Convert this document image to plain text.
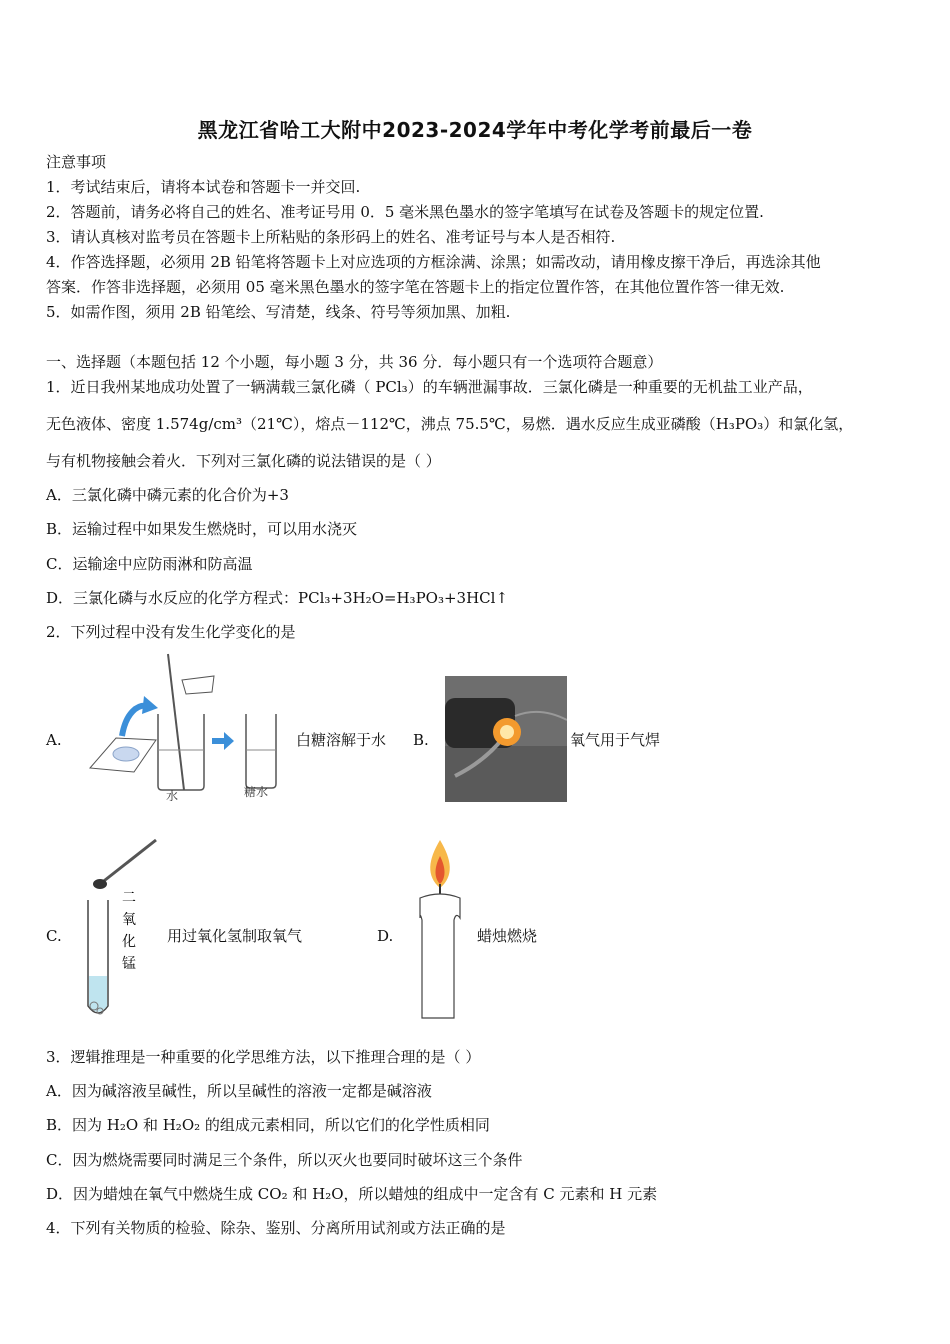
黑龙江省哈工大附中2023-2024学年中考化学考前最后一卷
注意事项
1．考试结束后，请将本试卷和答题卡一并交回.
2．答题前，请务必将自己的姓名、准考证号用 0．5 毫米黑色墨水的签字笔填写在试卷及答题卡的规定位置.
3．请认真核对监考员在答题卡上所粘贴的条形码上的姓名、准考证号与本人是否相符.
4．作答选择题，必须用 2B 铅笔将答题卡上对应选项的方框涂满、涂黑；如需改动，请用橡皮擦干净后，再选涂其他
答案．作答非选择题，必须用 05 毫米黑色墨水的签字笔在答题卡上的指定位置作答，在其他位置作答一律无效.
5．如需作图，须用 2B 铅笔绘、写清楚，线条、符号等须加黑、加粗.
一、选择题（本题包括 12 个小题，每小题 3 分，共 36 分．每小题只有一个选项符合题意）
1．近日我州某地成功处置了一辆满载三氯化磷（ PCl₃）的车辆泄漏事故．三氯化磷是一种重要的无机盐工业产品，
无色液体、密度 1.574g/cm³（21℃），熔点－112℃，沸点 75.5℃，易燃．遇水反应生成亚磷酸（H₃PO₃）和氯化氢，
与有机物接触会着火．下列对三氯化磷的说法错误的是（ ）
A．三氯化磷中磷元素的化合价为+3
B．运输过程中如果发生燃烧时，可以用水浇灭
C．运输途中应防雨淋和防高温
D．三氯化磷与水反应的化学方程式：PCl₃+3H₂O=H₃PO₃+3HCl↑
2．下列过程中没有发生化学变化的是
A.
水	糖水
白糖溶解于水 B.	氧气用于气焊
C.
二
氧
化
锰
用过氧化氢制取氧气	D.	蜡烛燃烧
3．逻辑推理是一种重要的化学思维方法，以下推理合理的是（ ）
A．因为碱溶液呈碱性，所以呈碱性的溶液一定都是碱溶液
B．因为 H₂O 和 H₂O₂ 的组成元素相同，所以它们的化学性质相同
C．因为燃烧需要同时满足三个条件，所以灭火也要同时破坏这三个条件
D．因为蜡烛在氧气中燃烧生成 CO₂ 和 H₂O，所以蜡烛的组成中一定含有 C 元素和 H 元素
4．下列有关物质的检验、除杂、鉴别、分离所用试剂或方法正确的是
